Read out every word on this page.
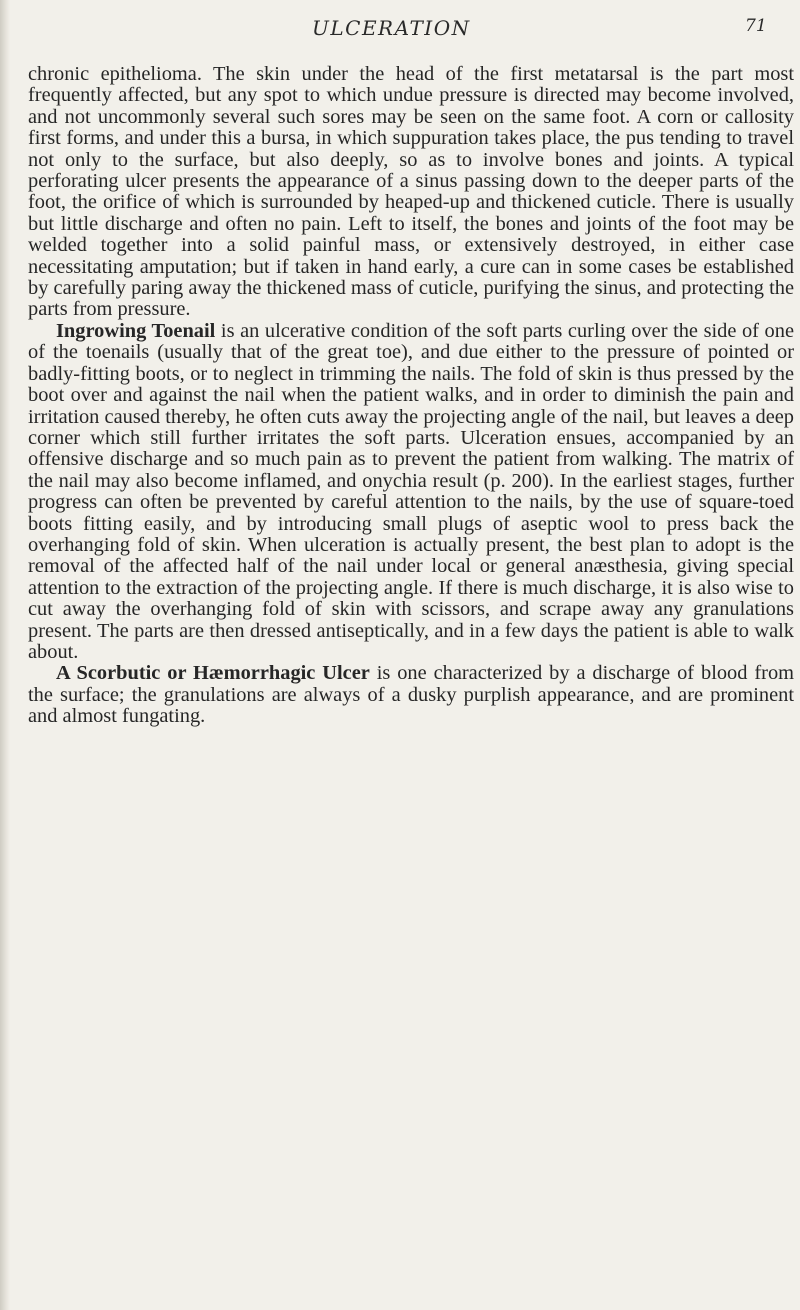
ULCERATION	71

chronic epithelioma. The skin under the head of the first metatarsal is the part most frequently affected, but any spot to which undue pressure is directed may become involved, and not uncommonly several such sores may be seen on the same foot. A corn or callosity first forms, and under this a bursa, in which suppuration takes place, the pus tending to travel not only to the surface, but also deeply, so as to involve bones and joints. A typical perforating ulcer presents the appearance of a sinus passing down to the deeper parts of the foot, the orifice of which is surrounded by heaped-up and thickened cuticle. There is usually but little discharge and often no pain. Left to itself, the bones and joints of the foot may be welded together into a solid painful mass, or extensively destroyed, in either case necessitating amputation; but if taken in hand early, a cure can in some cases be established by carefully paring away the thickened mass of cuticle, purifying the sinus, and protecting the parts from pressure.

Ingrowing Toenail is an ulcerative condition of the soft parts curling over the side of one of the toenails (usually that of the great toe), and due either to the pressure of pointed or badly-fitting boots, or to neglect in trimming the nails. The fold of skin is thus pressed by the boot over and against the nail when the patient walks, and in order to diminish the pain and irritation caused thereby, he often cuts away the projecting angle of the nail, but leaves a deep corner which still further irritates the soft parts. Ulceration ensues, accompanied by an offensive discharge and so much pain as to prevent the patient from walking. The matrix of the nail may also become inflamed, and onychia result (p. 200). In the earliest stages, further progress can often be prevented by careful attention to the nails, by the use of square-toed boots fitting easily, and by introducing small plugs of aseptic wool to press back the overhanging fold of skin. When ulceration is actually present, the best plan to adopt is the removal of the affected half of the nail under local or general anæsthesia, giving special attention to the extraction of the projecting angle. If there is much discharge, it is also wise to cut away the overhanging fold of skin with scissors, and scrape away any granulations present. The parts are then dressed antiseptically, and in a few days the patient is able to walk about.

A Scorbutic or Hæmorrhagic Ulcer is one characterized by a discharge of blood from the surface; the granulations are always of a dusky purplish appearance, and are prominent and almost fungating.
